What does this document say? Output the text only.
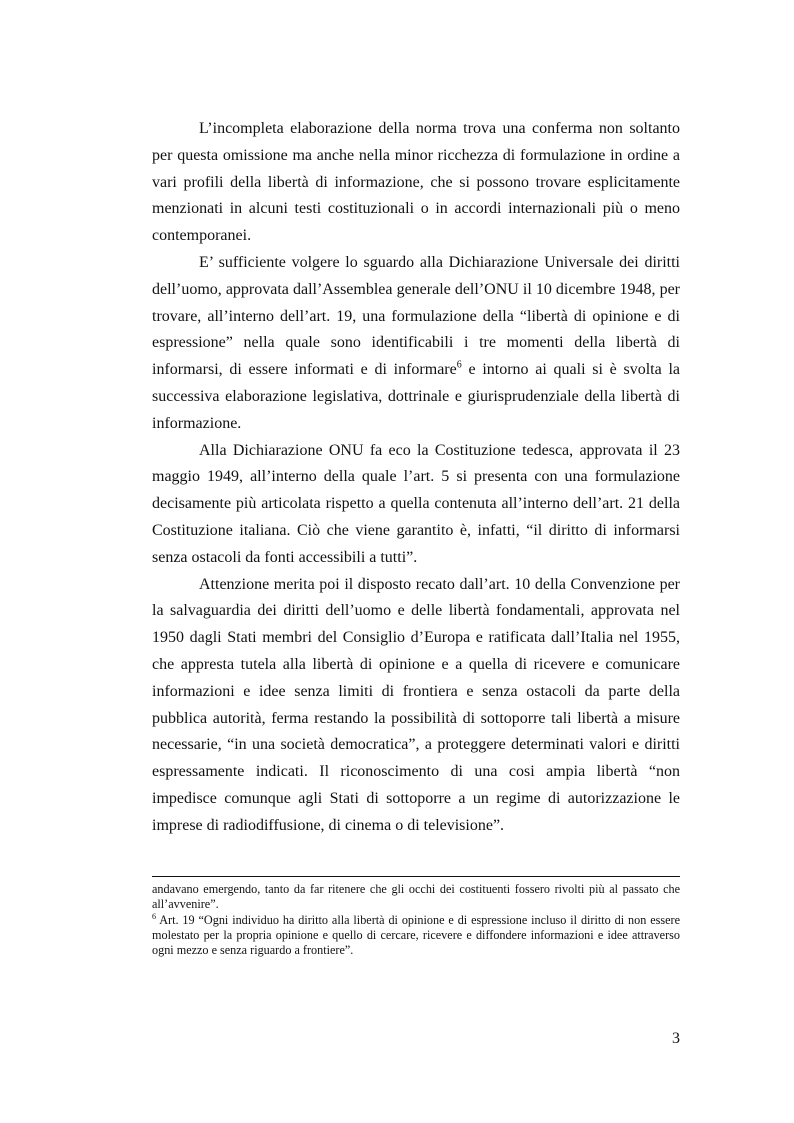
L’incompleta elaborazione della norma trova una conferma non soltanto per questa omissione ma anche nella minor ricchezza di formulazione in ordine a vari profili della libertà di informazione, che si possono trovare esplicitamente menzionati in alcuni testi costituzionali o in accordi internazionali più o meno contemporanei.

E’ sufficiente volgere lo sguardo alla Dichiarazione Universale dei diritti dell’uomo, approvata dall’Assemblea generale dell’ONU il 10 dicembre 1948, per trovare, all’interno dell’art. 19, una formulazione della “libertà di opinione e di espressione” nella quale sono identificabili i tre momenti della libertà di informarsi, di essere informati e di informare$^6$ e intorno ai quali si è svolta la successiva elaborazione legislativa, dottrinale e giurisprudenziale della libertà di informazione.

Alla Dichiarazione ONU fa eco la Costituzione tedesca, approvata il 23 maggio 1949, all’interno della quale l’art. 5 si presenta con una formulazione decisamente più articolata rispetto a quella contenuta all’interno dell’art. 21 della Costituzione italiana. Ciò che viene garantito è, infatti, “il diritto di informarsi senza ostacoli da fonti accessibili a tutti”.

Attenzione merita poi il disposto recato dall’art. 10 della Convenzione per la salvaguardia dei diritti dell’uomo e delle libertà fondamentali, approvata nel 1950 dagli Stati membri del Consiglio d’Europa e ratificata dall’Italia nel 1955, che appresta tutela alla libertà di opinione e a quella di ricevere e comunicare informazioni e idee senza limiti di frontiera e senza ostacoli da parte della pubblica autorità, ferma restando la possibilità di sottoporre tali libertà a misure necessarie, “in una società democratica”, a proteggere determinati valori e diritti espressamente indicati. Il riconoscimento di una cosi ampia libertà “non impedisce comunque agli Stati di sottoporre a un regime di autorizzazione le imprese di radiodiffusione, di cinema o di televisione”.

andavano emergendo, tanto da far ritenere che gli occhi dei costituenti fossero rivolti più al passato che all’avvenire”.

$^6$ Art. 19 “Ogni individuo ha diritto alla libertà di opinione e di espressione incluso il diritto di non essere molestato per la propria opinione e quello di cercare, ricevere e diffondere informazioni e idee attraverso ogni mezzo e senza riguardo a frontiere”.

3
